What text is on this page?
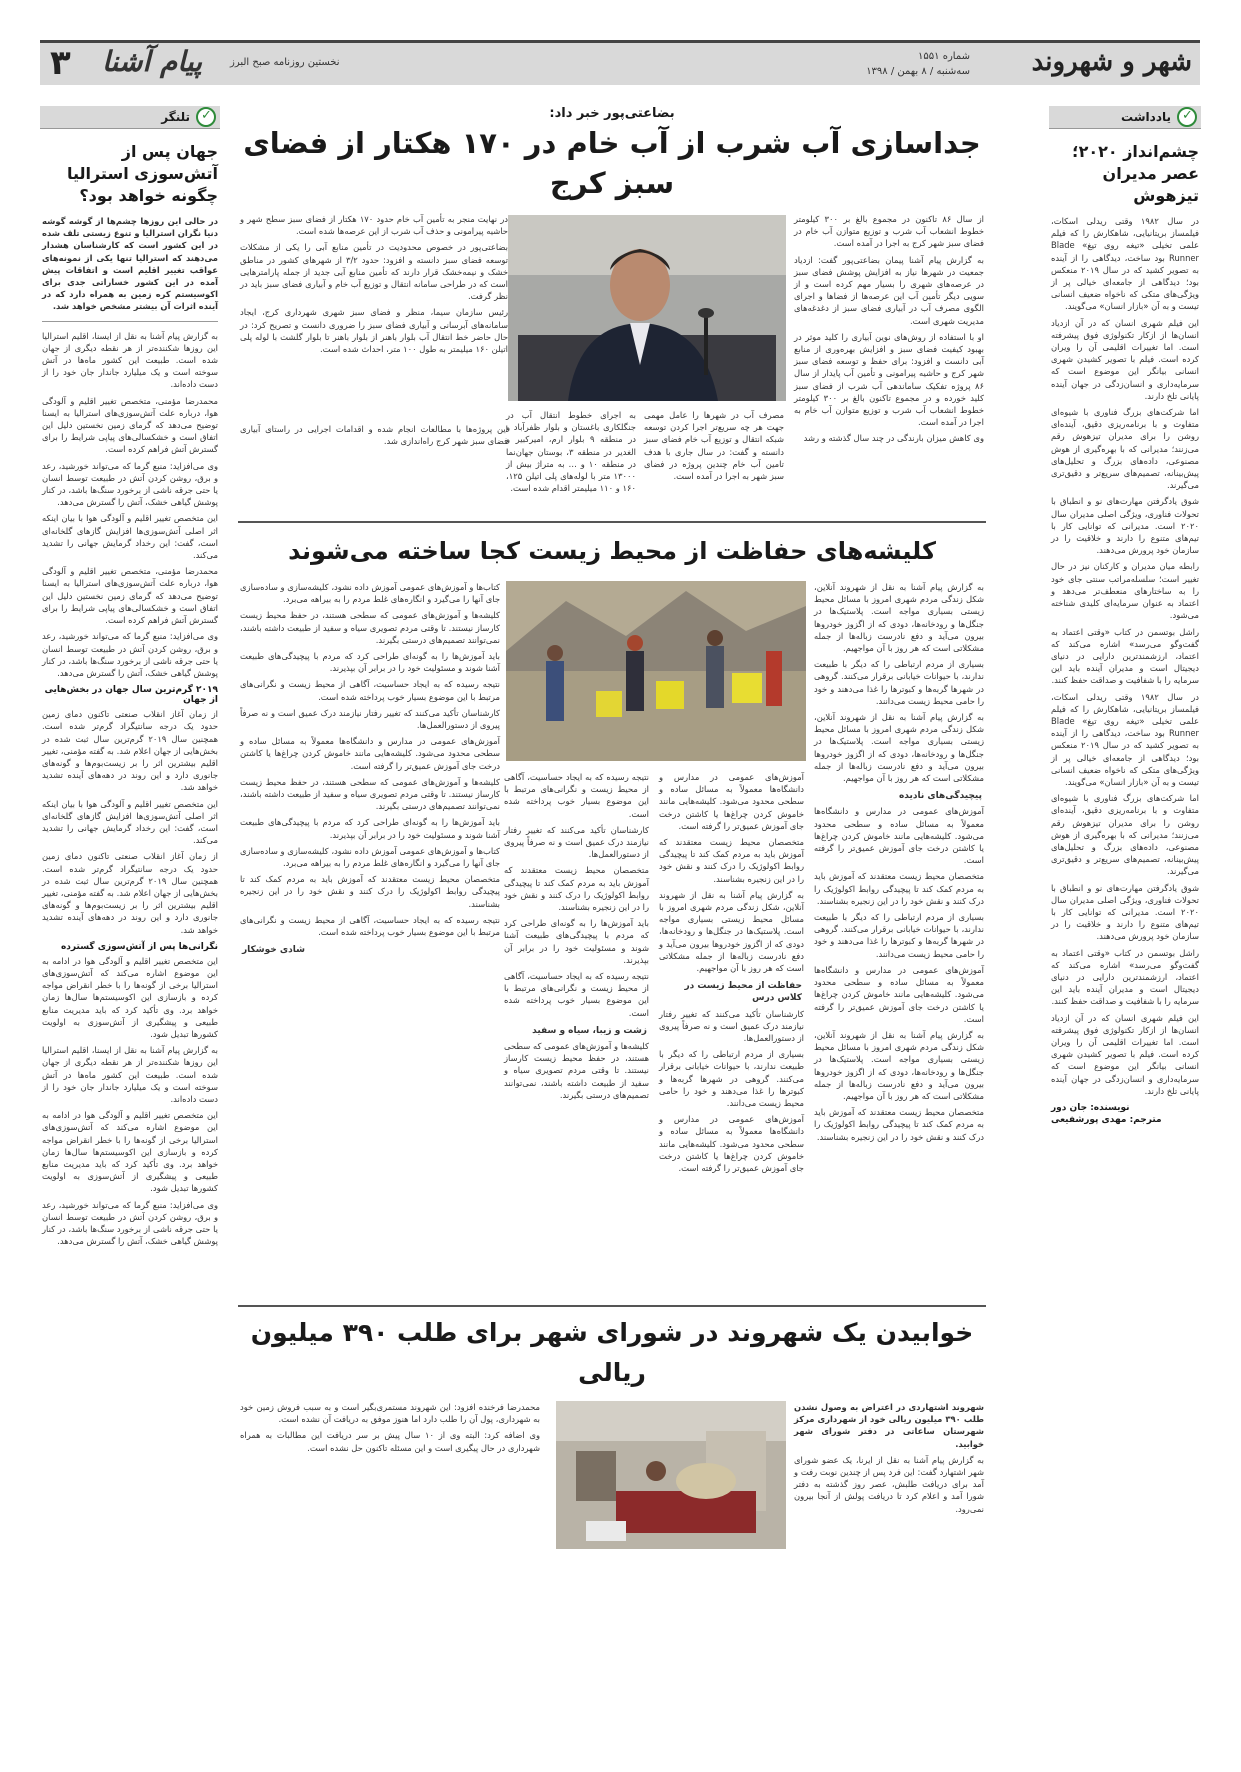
شهر و شهروند
شماره ۱۵۵۱
سه‌شنبه / ۸ بهمن / ۱۳۹۸
نخستین روزنامه صبح البرز
پیام آشنا
۳
✓
یادداشت
چشم‌انداز ۲۰۲۰؛ عصر مدیران تیزهوش

در سال ۱۹۸۲ وقتی ریدلی اسکات، فیلمساز بریتانیایی، شاهکارش را که فیلم علمی تخیلی «تیغه روی تیغ» Blade Runner بود ساخت، دیدگاهی را از آینده به تصویر کشید که در سال ۲۰۱۹ منعکس بود؛ دیدگاهی از جامعه‌ای خیالی پر از ویژگی‌های متکی که ناخواه ضعیف انسانی تیست و به آن «بازار انسان» می‌گویند.

این فیلم شهری انسان که در آن ازدیاد انسان‌ها از ازکار تکنولوژی فوق پیشرفته است. اما تغییرات اقلیمی آن را ویران کرده است. فیلم با تصویر کشیدن شهری انسانی بیانگر این موضوع است که سرمایه‌داری و انسان‌زدگی در جهان آینده پایانی تلخ دارند.

اما شرکت‌های بزرگ فناوری با شیوه‌ای متفاوت و با برنامه‌ریزی دقیق، آینده‌ای روشن را برای مدیران تیزهوش رقم می‌زنند؛ مدیرانی که با بهره‌گیری از هوش مصنوعی، داده‌های بزرگ و تحلیل‌های پیش‌بینانه، تصمیم‌های سریع‌تر و دقیق‌تری می‌گیرند.

شوق یادگرفتن مهارت‌های نو و انطباق با تحولات فناوری، ویژگی اصلی مدیران سال ۲۰۲۰ است. مدیرانی که توانایی کار با تیم‌های متنوع را دارند و خلاقیت را در سازمان خود پرورش می‌دهند.

رابطه میان مدیران و کارکنان نیز در حال تغییر است؛ سلسله‌مراتب سنتی جای خود را به ساختارهای منعطف‌تر می‌دهد و اعتماد به عنوان سرمایه‌ای کلیدی شناخته می‌شود.

راشل بوتسمن در کتاب «وقتی اعتماد به گفت‌وگو می‌رسد» اشاره می‌کند که اعتماد، ارزشمندترین دارایی در دنیای دیجیتال است و مدیران آینده باید این سرمایه را با شفافیت و صداقت حفظ کنند.

در سال ۱۹۸۲ وقتی ریدلی اسکات، فیلمساز بریتانیایی، شاهکارش را که فیلم علمی تخیلی «تیغه روی تیغ» Blade Runner بود ساخت، دیدگاهی را از آینده به تصویر کشید که در سال ۲۰۱۹ منعکس بود؛ دیدگاهی از جامعه‌ای خیالی پر از ویژگی‌های متکی که ناخواه ضعیف انسانی تیست و به آن «بازار انسان» می‌گویند.

اما شرکت‌های بزرگ فناوری با شیوه‌ای متفاوت و با برنامه‌ریزی دقیق، آینده‌ای روشن را برای مدیران تیزهوش رقم می‌زنند؛ مدیرانی که با بهره‌گیری از هوش مصنوعی، داده‌های بزرگ و تحلیل‌های پیش‌بینانه، تصمیم‌های سریع‌تر و دقیق‌تری می‌گیرند.

شوق یادگرفتن مهارت‌های نو و انطباق با تحولات فناوری، ویژگی اصلی مدیران سال ۲۰۲۰ است. مدیرانی که توانایی کار با تیم‌های متنوع را دارند و خلاقیت را در سازمان خود پرورش می‌دهند.

راشل بوتسمن در کتاب «وقتی اعتماد به گفت‌وگو می‌رسد» اشاره می‌کند که اعتماد، ارزشمندترین دارایی در دنیای دیجیتال است و مدیران آینده باید این سرمایه را با شفافیت و صداقت حفظ کنند.

این فیلم شهری انسان که در آن ازدیاد انسان‌ها از ازکار تکنولوژی فوق پیشرفته است. اما تغییرات اقلیمی آن را ویران کرده است. فیلم با تصویر کشیدن شهری انسانی بیانگر این موضوع است که سرمایه‌داری و انسان‌زدگی در جهان آینده پایانی تلخ دارند.

نویسنده: جان دور
مترجم: مهدی پورشفیعی
✓
تلنگر
جهان پس از آتش‌سوزی استرالیا چگونه خواهد بود؟
در حالی این روزها چشم‌ها از گوشه گوشه دنیا نگران استرالیا و تنوع زیستی تلف شده در این کشور است که کارشناسان هشدار می‌دهند که استرالیا تنها یکی از نمونه‌های عواقب تغییر اقلیم است و اتفاقات پیش آمده در این کشور خساراتی جدی برای اکوسیستم کره زمین به همراه دارد که در آینده اثرات آن بیشتر مشخص خواهد شد.

به گزارش پیام آشنا به نقل از ایسنا، اقلیم استرالیا این روزها شکننده‌تر از هر نقطه دیگری از جهان شده است. طبیعت این کشور ماه‌ها در آتش سوخته است و یک میلیارد جاندار جان خود را از دست داده‌اند.

محمدرضا مؤمنی، متخصص تغییر اقلیم و آلودگی هوا، درباره علت آتش‌سوزی‌های استرالیا به ایسنا توضیح می‌دهد که گرمای زمین نخستین دلیل این اتفاق است و خشکسالی‌های پیاپی شرایط را برای گسترش آتش فراهم کرده است.

وی می‌افزاید: منبع گرما که می‌تواند خورشید، رعد و برق، روشن کردن آتش در طبیعت توسط انسان یا حتی جرقه ناشی از برخورد سنگ‌ها باشد، در کنار پوشش گیاهی خشک، آتش را گسترش می‌دهد.

این متخصص تغییر اقلیم و آلودگی هوا با بیان اینکه اثر اصلی آتش‌سوزی‌ها افزایش گازهای گلخانه‌ای است، گفت: این رخداد گرمایش جهانی را تشدید می‌کند.

محمدرضا مؤمنی، متخصص تغییر اقلیم و آلودگی هوا، درباره علت آتش‌سوزی‌های استرالیا به ایسنا توضیح می‌دهد که گرمای زمین نخستین دلیل این اتفاق است و خشکسالی‌های پیاپی شرایط را برای گسترش آتش فراهم کرده است.

وی می‌افزاید: منبع گرما که می‌تواند خورشید، رعد و برق، روشن کردن آتش در طبیعت توسط انسان یا حتی جرقه ناشی از برخورد سنگ‌ها باشد، در کنار پوشش گیاهی خشک، آتش را گسترش می‌دهد.

۲۰۱۹ گرم‌ترین سال جهان در بخش‌هایی از جهان

از زمان آغاز انقلاب صنعتی تاکنون دمای زمین حدود یک درجه سانتیگراد گرم‌تر شده است. همچنین سال ۲۰۱۹ گرم‌ترین سال ثبت شده در بخش‌هایی از جهان اعلام شد. به گفته مؤمنی، تغییر اقلیم بیشترین اثر را بر زیست‌بوم‌ها و گونه‌های جانوری دارد و این روند در دهه‌های آینده تشدید خواهد شد.

این متخصص تغییر اقلیم و آلودگی هوا با بیان اینکه اثر اصلی آتش‌سوزی‌ها افزایش گازهای گلخانه‌ای است، گفت: این رخداد گرمایش جهانی را تشدید می‌کند.

از زمان آغاز انقلاب صنعتی تاکنون دمای زمین حدود یک درجه سانتیگراد گرم‌تر شده است. همچنین سال ۲۰۱۹ گرم‌ترین سال ثبت شده در بخش‌هایی از جهان اعلام شد. به گفته مؤمنی، تغییر اقلیم بیشترین اثر را بر زیست‌بوم‌ها و گونه‌های جانوری دارد و این روند در دهه‌های آینده تشدید خواهد شد.

نگرانی‌ها پس از آتش‌سوزی گسترده

این متخصص تغییر اقلیم و آلودگی هوا در ادامه به این موضوع اشاره می‌کند که آتش‌سوزی‌های استرالیا برخی از گونه‌ها را با خطر انقراض مواجه کرده و بازسازی این اکوسیستم‌ها سال‌ها زمان خواهد برد. وی تأکید کرد که باید مدیریت منابع طبیعی و پیشگیری از آتش‌سوزی به اولویت کشورها تبدیل شود.

به گزارش پیام آشنا به نقل از ایسنا، اقلیم استرالیا این روزها شکننده‌تر از هر نقطه دیگری از جهان شده است. طبیعت این کشور ماه‌ها در آتش سوخته است و یک میلیارد جاندار جان خود را از دست داده‌اند.

این متخصص تغییر اقلیم و آلودگی هوا در ادامه به این موضوع اشاره می‌کند که آتش‌سوزی‌های استرالیا برخی از گونه‌ها را با خطر انقراض مواجه کرده و بازسازی این اکوسیستم‌ها سال‌ها زمان خواهد برد. وی تأکید کرد که باید مدیریت منابع طبیعی و پیشگیری از آتش‌سوزی به اولویت کشورها تبدیل شود.

وی می‌افزاید: منبع گرما که می‌تواند خورشید، رعد و برق، روشن کردن آتش در طبیعت توسط انسان یا حتی جرقه ناشی از برخورد سنگ‌ها باشد، در کنار پوشش گیاهی خشک، آتش را گسترش می‌دهد.

بضاعتی‌پور خبر داد:
جداسازی آب شرب از آب خام در ۱۷۰ هکتار از فضای سبز کرج

از سال ۸۶ تاکنون در مجموع بالغ بر ۳۰۰ کیلومتر خطوط انشعاب آب شرب و توزیع متوازن آب خام در فضای سبز شهر کرج به اجرا در آمده است.

به گزارش پیام آشنا پیمان بضاعتی‌پور گفت: ازدیاد جمعیت در شهرها نیاز به افزایش پوشش فضای سبز در عرصه‌های شهری را بسیار مهم کرده است و از سویی دیگر تأمین آب این عرصه‌ها از فضاها و اجرای الگوی مصرف آب در آبیاری فضای سبز از دغدغه‌های مدیریت شهری است.

او با استفاده از روش‌های نوین آبیاری را کلید موثر در بهبود کیفیت فضای سبز و افزایش بهره‌وری از منابع آبی دانست و افزود: برای حفظ و توسعه فضای سبز شهر کرج و حاشیه پیرامونی و تأمین آب پایدار از سال ۸۶ پروژه تفکیک ساماندهی آب شرب از فضای سبز کلید خورده و در مجموع تاکنون بالغ بر ۳۰۰ کیلومتر خطوط انشعاب آب شرب و توزیع متوازن آب خام به اجرا در آمده است.

وی کاهش میزان بارندگی در چند سال گذشته و رشد

در نهایت منجر به تأمین آب خام حدود ۱۷۰ هکتار از فضای سبز سطح شهر و حاشیه پیرامونی و حذف آب شرب از این عرصه‌ها شده است.

بضاعتی‌پور در خصوص محدودیت در تأمین منابع آبی را یکی از مشکلات توسعه فضای سبز دانسته و افزود: حدود ۳/۲ از شهرهای کشور در مناطق خشک و نیمه‌خشک قرار دارند که تأمین منابع آبی جدید از جمله پارامترهایی است که در طراحی سامانه انتقال و توزیع آب خام و آبیاری فضای سبز باید در نظر گرفت.

رئیس سازمان سیما، منظر و فضای سبز شهری شهرداری کرج، ایجاد سامانه‌های آبرسانی و آبیاری فضای سبز را ضروری دانست و تصریح کرد: در حال حاضر خط انتقال آب بلوار باهنر از بلوار باهنر تا بلوار گلشت با لوله پلی اتیلن ۱۶۰ میلیمتر به طول ۱۰۰ متر، احداث شده است.

مصرف آب در شهرها را عامل مهمی جهت هر چه سریع‌تر اجرا کردن توسعه شبکه انتقال و توزیع آب خام فضای سبز دانسته و گفت: در سال جاری با هدف تامین آب خام چندین پروژه در فضای سبز شهر به اجرا در آمده است.

به اجرای خطوط انتقال آب در جنگلکاری باغستان و بلوار ظفرآباد و در منطقه ۹ بلوار ارم، امیرکبیر و الغدیر در منطقه ۳، بوستان جهان‌نما در منطقه ۱۰ و … به متراژ بیش از ۱۳۰۰۰ متر با لوله‌های پلی اتیلن ۱۲۵، ۱۶۰ و ۱۱۰ میلیمتر اقدام شده است.

این پروژه‌ها با مطالعات انجام شده و اقدامات اجرایی در راستای آبیاری فضای سبز شهر کرج راه‌اندازی شد.

کلیشه‌های حفاظت از محیط زیست کجا ساخته می‌شوند

به گزارش پیام آشنا به نقل از شهروند آنلاین، شکل زندگی مردم شهری امروز با مسائل محیط زیستی بسیاری مواجه است. پلاستیک‌ها در جنگل‌ها و رودخانه‌ها، دودی که از اگزوز خودروها بیرون می‌آید و دفع نادرست زباله‌ها از جمله مشکلاتی است که هر روز با آن مواجهیم.

بسیاری از مردم ارتباطی را که دیگر با طبیعت ندارند، با حیوانات خیابانی برقرار می‌کنند. گروهی در شهرها گربه‌ها و کبوترها را غذا می‌دهند و خود را حامی محیط زیست می‌دانند.

به گزارش پیام آشنا به نقل از شهروند آنلاین، شکل زندگی مردم شهری امروز با مسائل محیط زیستی بسیاری مواجه است. پلاستیک‌ها در جنگل‌ها و رودخانه‌ها، دودی که از اگزوز خودروها بیرون می‌آید و دفع نادرست زباله‌ها از جمله مشکلاتی است که هر روز با آن مواجهیم.

پیچیدگی‌های نادیده

آموزش‌های عمومی در مدارس و دانشگاه‌ها معمولاً به مسائل ساده و سطحی محدود می‌شود. کلیشه‌هایی مانند خاموش کردن چراغ‌ها یا کاشتن درخت جای آموزش عمیق‌تر را گرفته است.

متخصصان محیط زیست معتقدند که آموزش باید به مردم کمک کند تا پیچیدگی روابط اکولوژیک را درک کنند و نقش خود را در این زنجیره بشناسند.

بسیاری از مردم ارتباطی را که دیگر با طبیعت ندارند، با حیوانات خیابانی برقرار می‌کنند. گروهی در شهرها گربه‌ها و کبوترها را غذا می‌دهند و خود را حامی محیط زیست می‌دانند.

آموزش‌های عمومی در مدارس و دانشگاه‌ها معمولاً به مسائل ساده و سطحی محدود می‌شود. کلیشه‌هایی مانند خاموش کردن چراغ‌ها یا کاشتن درخت جای آموزش عمیق‌تر را گرفته است.

به گزارش پیام آشنا به نقل از شهروند آنلاین، شکل زندگی مردم شهری امروز با مسائل محیط زیستی بسیاری مواجه است. پلاستیک‌ها در جنگل‌ها و رودخانه‌ها، دودی که از اگزوز خودروها بیرون می‌آید و دفع نادرست زباله‌ها از جمله مشکلاتی است که هر روز با آن مواجهیم.

متخصصان محیط زیست معتقدند که آموزش باید به مردم کمک کند تا پیچیدگی روابط اکولوژیک را درک کنند و نقش خود را در این زنجیره بشناسند.

آموزش‌های عمومی در مدارس و دانشگاه‌ها معمولاً به مسائل ساده و سطحی محدود می‌شود. کلیشه‌هایی مانند خاموش کردن چراغ‌ها یا کاشتن درخت جای آموزش عمیق‌تر را گرفته است.

متخصصان محیط زیست معتقدند که آموزش باید به مردم کمک کند تا پیچیدگی روابط اکولوژیک را درک کنند و نقش خود را در این زنجیره بشناسند.

به گزارش پیام آشنا به نقل از شهروند آنلاین، شکل زندگی مردم شهری امروز با مسائل محیط زیستی بسیاری مواجه است. پلاستیک‌ها در جنگل‌ها و رودخانه‌ها، دودی که از اگزوز خودروها بیرون می‌آید و دفع نادرست زباله‌ها از جمله مشکلاتی است که هر روز با آن مواجهیم.

حفاظت از محیط زیست در کلاس درس

کارشناسان تأکید می‌کنند که تغییر رفتار نیازمند درک عمیق است و نه صرفاً پیروی از دستورالعمل‌ها.

بسیاری از مردم ارتباطی را که دیگر با طبیعت ندارند، با حیوانات خیابانی برقرار می‌کنند. گروهی در شهرها گربه‌ها و کبوترها را غذا می‌دهند و خود را حامی محیط زیست می‌دانند.

آموزش‌های عمومی در مدارس و دانشگاه‌ها معمولاً به مسائل ساده و سطحی محدود می‌شود. کلیشه‌هایی مانند خاموش کردن چراغ‌ها یا کاشتن درخت جای آموزش عمیق‌تر را گرفته است.

نتیجه رسیده که به ایجاد حساسیت، آگاهی از محیط زیست و نگرانی‌های مرتبط با این موضوع بسیار خوب پرداخته شده است.

کارشناسان تأکید می‌کنند که تغییر رفتار نیازمند درک عمیق است و نه صرفاً پیروی از دستورالعمل‌ها.

متخصصان محیط زیست معتقدند که آموزش باید به مردم کمک کند تا پیچیدگی روابط اکولوژیک را درک کنند و نقش خود را در این زنجیره بشناسند.

باید آموزش‌ها را به گونه‌ای طراحی کرد که مردم با پیچیدگی‌های طبیعت آشنا شوند و مسئولیت خود را در برابر آن بپذیرند.

نتیجه رسیده که به ایجاد حساسیت، آگاهی از محیط زیست و نگرانی‌های مرتبط با این موضوع بسیار خوب پرداخته شده است.

زشت و زیبا، سیاه و سفید

کلیشه‌ها و آموزش‌های عمومی که سطحی هستند، در حفظ محیط زیست کارساز نیستند. تا وقتی مردم تصویری سیاه و سفید از طبیعت داشته باشند، نمی‌توانند تصمیم‌های درستی بگیرند.

کتاب‌ها و آموزش‌های عمومی آموزش داده نشود، کلیشه‌سازی و ساده‌سازی جای آنها را می‌گیرد و انگاره‌های غلط مردم را به بیراهه می‌برد.

کلیشه‌ها و آموزش‌های عمومی که سطحی هستند، در حفظ محیط زیست کارساز نیستند. تا وقتی مردم تصویری سیاه و سفید از طبیعت داشته باشند، نمی‌توانند تصمیم‌های درستی بگیرند.

باید آموزش‌ها را به گونه‌ای طراحی کرد که مردم با پیچیدگی‌های طبیعت آشنا شوند و مسئولیت خود را در برابر آن بپذیرند.

نتیجه رسیده که به ایجاد حساسیت، آگاهی از محیط زیست و نگرانی‌های مرتبط با این موضوع بسیار خوب پرداخته شده است.

کارشناسان تأکید می‌کنند که تغییر رفتار نیازمند درک عمیق است و نه صرفاً پیروی از دستورالعمل‌ها.

آموزش‌های عمومی در مدارس و دانشگاه‌ها معمولاً به مسائل ساده و سطحی محدود می‌شود. کلیشه‌هایی مانند خاموش کردن چراغ‌ها یا کاشتن درخت جای آموزش عمیق‌تر را گرفته است.

کلیشه‌ها و آموزش‌های عمومی که سطحی هستند، در حفظ محیط زیست کارساز نیستند. تا وقتی مردم تصویری سیاه و سفید از طبیعت داشته باشند، نمی‌توانند تصمیم‌های درستی بگیرند.

باید آموزش‌ها را به گونه‌ای طراحی کرد که مردم با پیچیدگی‌های طبیعت آشنا شوند و مسئولیت خود را در برابر آن بپذیرند.

کتاب‌ها و آموزش‌های عمومی آموزش داده نشود، کلیشه‌سازی و ساده‌سازی جای آنها را می‌گیرد و انگاره‌های غلط مردم را به بیراهه می‌برد.

متخصصان محیط زیست معتقدند که آموزش باید به مردم کمک کند تا پیچیدگی روابط اکولوژیک را درک کنند و نقش خود را در این زنجیره بشناسند.

نتیجه رسیده که به ایجاد حساسیت، آگاهی از محیط زیست و نگرانی‌های مرتبط با این موضوع بسیار خوب پرداخته شده است.

شادی خوشکار
خوابیدن یک شهروند در شورای شهر برای طلب ۳۹۰ میلیون ریالی

شهروند اشتهاردی در اعتراض به وصول نشدن طلب ۳۹۰ میلیون ریالی خود از شهرداری مرکز شهرستان ساعاتی در دفتر شورای شهر خوابید.

به گزارش پیام آشنا به نقل از ایرنا، یک عضو شورای شهر اشتهارد گفت: این فرد پس از چندین نوبت رفت و آمد برای دریافت طلبش، عصر روز گذشته به دفتر شورا آمد و اعلام کرد تا دریافت پولش از آنجا بیرون نمی‌رود.

محمدرضا فرخنده افزود: این شهروند مستمری‌بگیر است و به سبب فروش زمین خود به شهرداری، پول آن را طلب دارد اما هنوز موفق به دریافت آن نشده است.

وی اضافه کرد: البته وی از ۱۰ سال پیش بر سر دریافت این مطالبات به همراه شهرداری در حال پیگیری است و این مسئله تاکنون حل نشده است.
